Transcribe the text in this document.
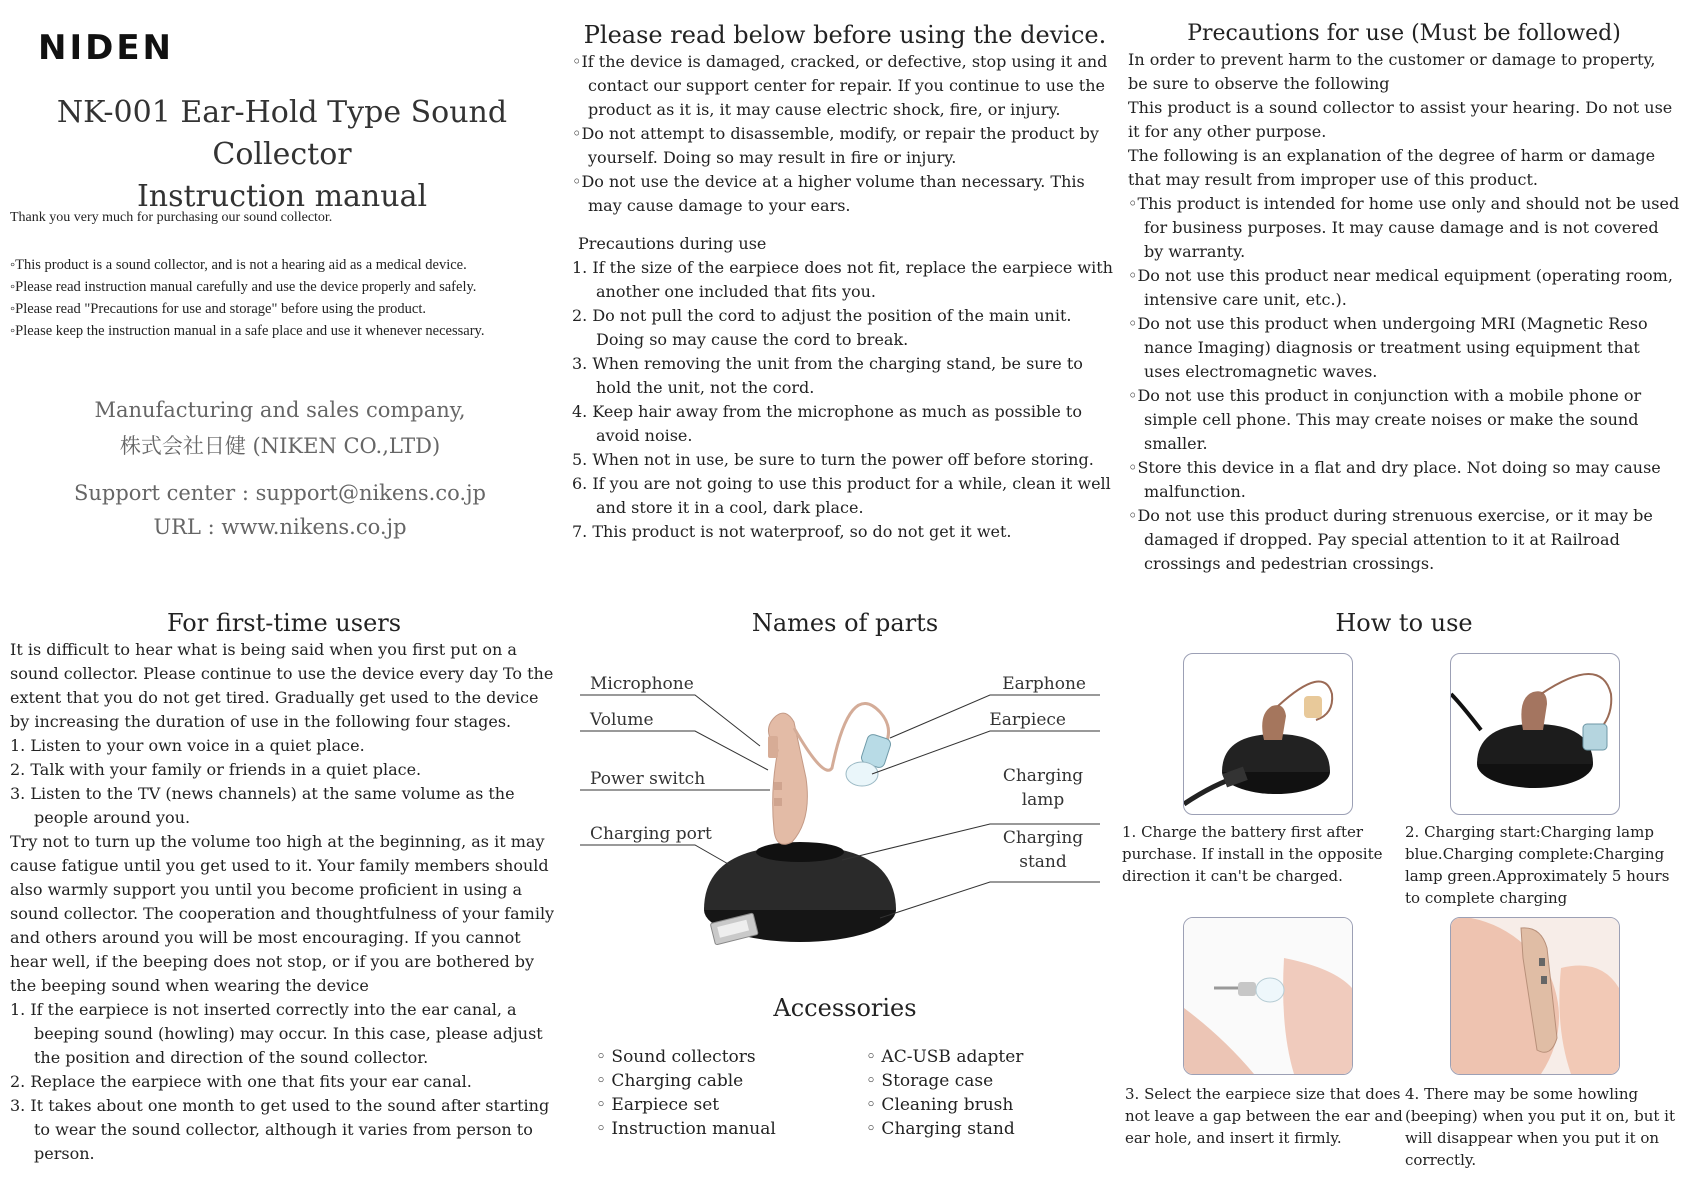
NIDEN
NK-001 Ear-Hold Type Sound Collector
Instruction manual
Thank you very much for purchasing our sound collector.

◦This product is a sound collector, and is not a hearing aid as a medical device.

◦Please read instruction manual carefully and use the device properly and safely.

◦Please read "Precautions for use and storage" before using the product.

◦Please keep the instruction manual in a safe place and use it whenever necessary.

Manufacturing and sales company,
株式会社日健 (NIKEN CO.,LTD)
Support center : support@nikens.co.jp
URL : www.nikens.co.jp
Please read below before using the device.

◦If the device is damaged, cracked, or defective, stop using it and contact our support center for repair. If you continue to use the product as it is, it may cause electric shock, fire, or injury.

◦Do not attempt to disassemble, modify, or repair the product by yourself. Doing so may result in fire or injury.

◦Do not use the device at a higher volume than necessary. This may cause damage to your ears.

Precautions during use

1. If the size of the earpiece does not fit, replace the earpiece with another one included that fits you.

2. Do not pull the cord to adjust the position of the main unit. Doing so may cause the cord to break.

3. When removing the unit from the charging stand, be sure to hold the unit, not the cord.

4. Keep hair away from the microphone as much as possible to avoid noise.

5. When not in use, be sure to turn the power off before storing.

6. If you are not going to use this product for a while, clean it well and store it in a cool, dark place.

7. This product is not waterproof, so do not get it wet.

Precautions for use (Must be followed)

In order to prevent harm to the customer or damage to property, be sure to observe the following

This product is a sound collector to assist your hearing. Do not use it for any other purpose.

The following is an explanation of the degree of harm or damage that may result from improper use of this product.

◦This product is intended for home use only and should not be used for business purposes. It may cause damage and is not covered by warranty.

◦Do not use this product near medical equipment (operating room, intensive care unit, etc.).

◦Do not use this product when undergoing MRI (Magnetic Reso nance Imaging) diagnosis or treatment using equipment that uses electromagnetic waves.

◦Do not use this product in conjunction with a mobile phone or simple cell phone. This may create noises or make the sound smaller.

◦Store this device in a flat and dry place. Not doing so may cause malfunction.

◦Do not use this product during strenuous exercise, or it may be damaged if dropped. Pay special attention to it at Railroad crossings and pedestrian crossings.

For first-time users

It is difficult to hear what is being said when you first put on a sound collector. Please continue to use the device every day To the extent that you do not get tired. Gradually get used to the device by increasing the duration of use in the following four stages.

1. Listen to your own voice in a quiet place.

2. Talk with your family or friends in a quiet place.

3. Listen to the TV (news channels) at the same volume as the people around you.

Try not to turn up the volume too high at the beginning, as it may cause fatigue until you get used to it. Your family members should also warmly support you until you become proficient in using a sound collector. The cooperation and thoughtfulness of your family and others around you will be most encouraging. If you cannot hear well, if the beeping does not stop, or if you are bothered by the beeping sound when wearing the device

1. If the earpiece is not inserted correctly into the ear canal, a beeping sound (howling) may occur. In this case, please adjust the position and direction of the sound collector.

2. Replace the earpiece with one that fits your ear canal.

3. It takes about one month to get used to the sound after starting to wear the sound collector, although it varies from person to person.

Names of parts
Microphone
Volume
Power switch
Charging port
Earphone
Earpiece
Charging
lamp
Charging
stand
Accessories
◦ Sound collectors
◦ Charging cable
◦ Earpiece set
◦ Instruction manual
◦ AC-USB adapter
◦ Storage case
◦ Cleaning brush
◦ Charging stand
How to use
1. Charge the battery first after purchase. If install in the opposite direction it can't be charged.
2. Charging start:Charging lamp blue.Charging complete:Charging lamp green.Approximately 5 hours to complete charging
3. Select the earpiece size that does not leave a gap between the ear and ear hole, and insert it firmly.
4. There may be some howling (beeping) when you put it on, but it will disappear when you put it on correctly.
